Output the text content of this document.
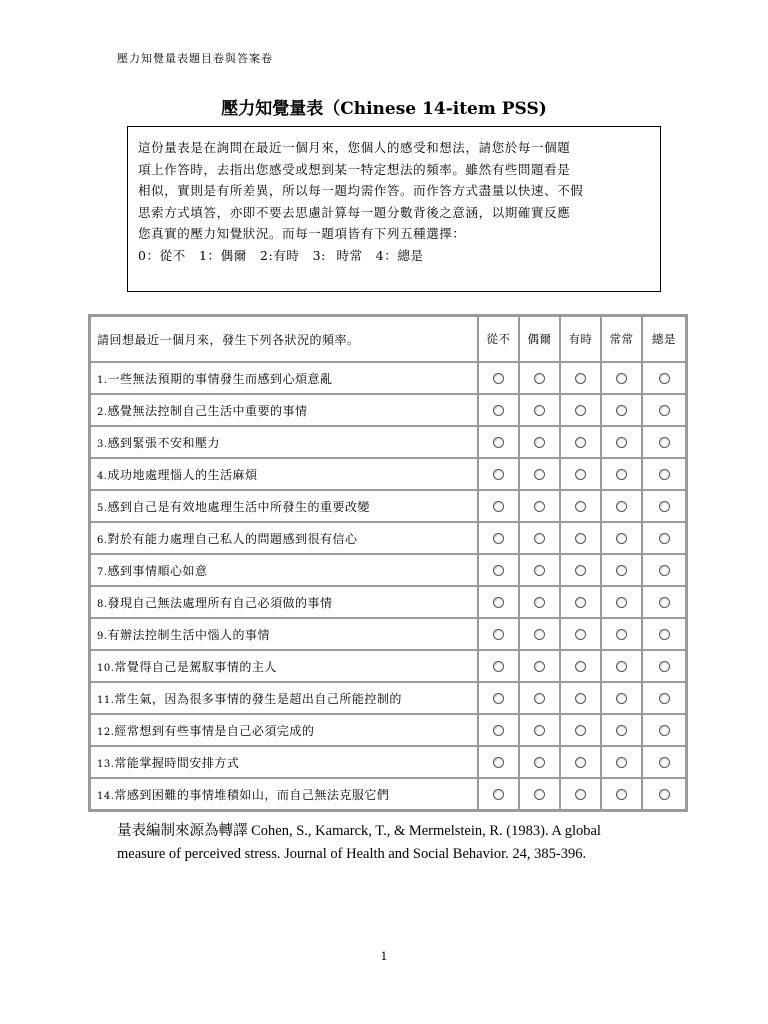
壓力知覺量表題目卷與答案卷
壓力知覺量表（Chinese 14-item PSS)
這份量表是在詢問在最近一個月來，您個人的感受和想法，請您於每一個題
項上作答時，去指出您感受或想到某一特定想法的頻率。雖然有些問題看是
相似，實則是有所差異，所以每一題均需作答。而作答方式盡量以快速、不假
思索方式填答，亦即不要去思慮計算每一題分數背後之意涵，以期確實反應
您真實的壓力知覺狀況。而每一題項皆有下列五種選擇：
0：從不　1：偶爾　2:有時　3: 時常　4：總是
請回想最近一個月來，發生下列各狀況的頻率。	從不	偶爾	有時	常常	總是
1.一些無法預期的事情發生而感到心煩意亂					
2.感覺無法控制自己生活中重要的事情					
3.感到緊張不安和壓力					
4.成功地處理惱人的生活麻煩					
5.感到自己是有效地處理生活中所發生的重要改變					
6.對於有能力處理自己私人的問題感到很有信心					
7.感到事情順心如意					
8.發現自己無法處理所有自己必須做的事情					
9.有辦法控制生活中惱人的事情					
10.常覺得自己是駕馭事情的主人					
11.常生氣，因為很多事情的發生是超出自己所能控制的					
12.經常想到有些事情是自己必須完成的					
13.常能掌握時間安排方式					
14.常感到困難的事情堆積如山，而自己無法克服它們					
量表編制來源為轉譯 Cohen, S., Kamarck, T., & Mermelstein, R. (1983). A global
measure of perceived stress. Journal of Health and Social Behavior. 24, 385-396.
1
